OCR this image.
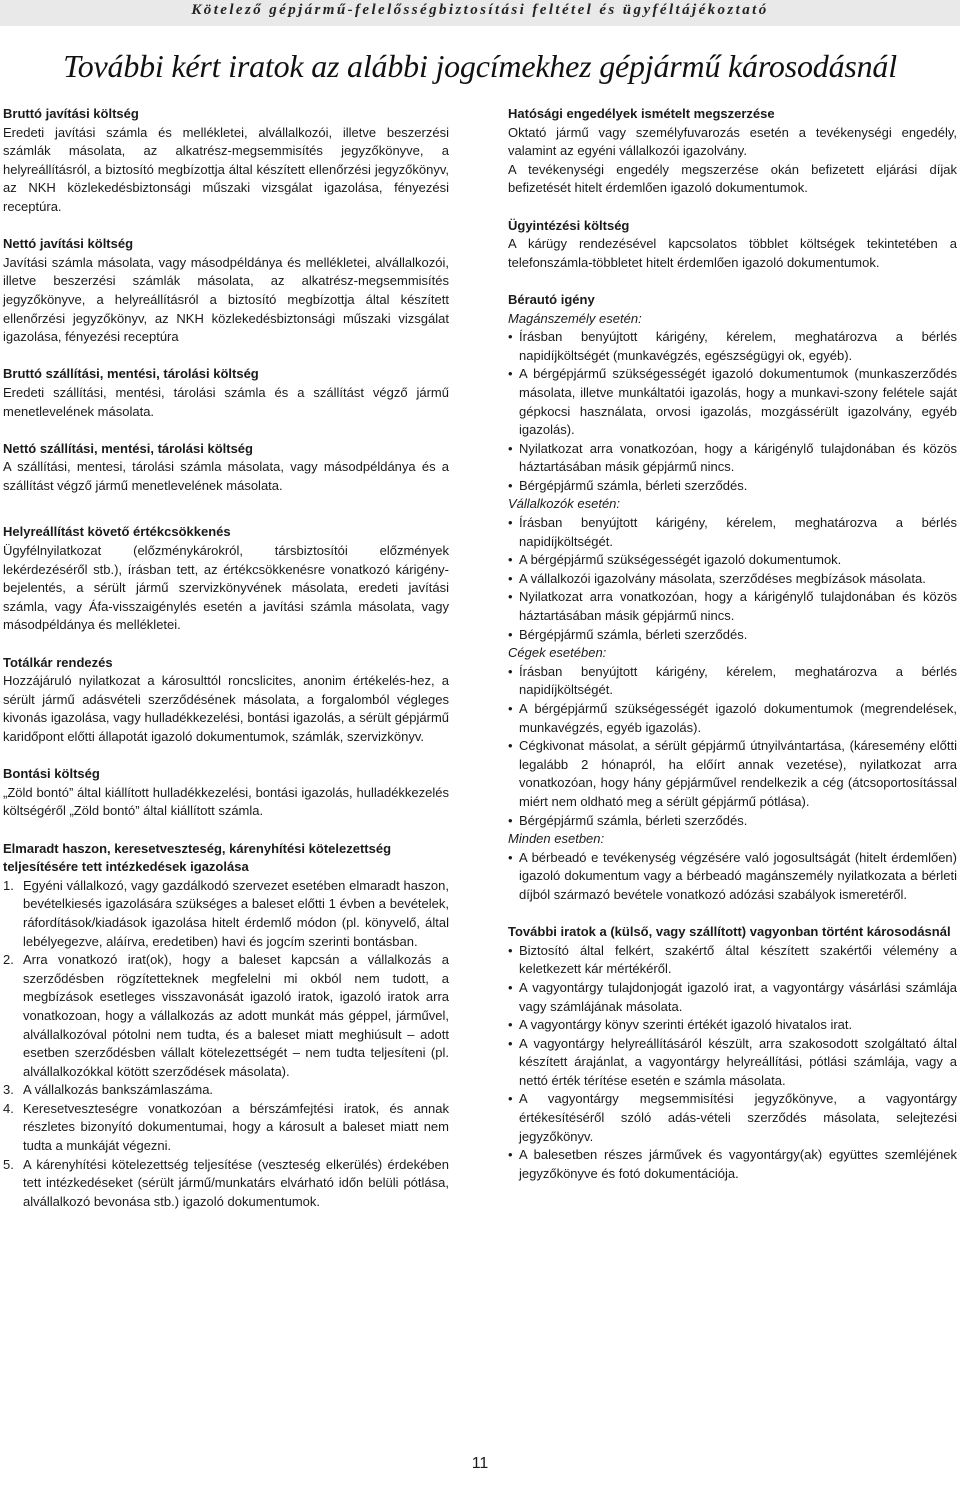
Kötelező gépjármű-felelősségbiztosítási feltétel és ügyféltájékoztató
További kért iratok az alábbi jogcímekhez gépjármű károsodásnál
Bruttó javítási költség

Eredeti javítási számla és mellékletei, alvállalkozói, illetve beszerzési számlák másolata, az alkatrész-megsemmisítés jegyzőkönyve, a helyreállításról, a biztosító megbízottja által készített ellenőrzési jegyzőkönyv, az NKH közlekedésbiztonsági műszaki vizsgálat igazolása, fényezési receptúra.

Nettó javítási költség

Javítási számla másolata, vagy másodpéldánya és mellékletei, alvállalkozói, illetve beszerzési számlák másolata, az alkatrész-megsemmisítés jegyzőkönyve, a helyreállításról a biztosító megbízottja által készített ellenőrzési jegyzőkönyv, az NKH közlekedésbiztonsági műszaki vizsgálat igazolása, fényezési receptúra

Bruttó szállítási, mentési, tárolási költség

Eredeti szállítási, mentési, tárolási számla és a szállítást végző jármű menetlevelének másolata.

Nettó szállítási, mentési, tárolási költség

A szállítási, mentesi, tárolási számla másolata, vagy másodpéldánya és a szállítást végző jármű menetlevelének másolata.

Helyreállítást követő értékcsökkenés

Ügyfélnyilatkozat (előzménykárokról, társbiztosítói előzmények lekérdezéséről stb.), írásban tett, az értékcsökkenésre vonatkozó kárigény-bejelentés, a sérült jármű szervizkönyvének másolata, eredeti javítási számla, vagy Áfa-visszaigénylés esetén a javítási számla másolata, vagy másodpéldánya és mellékletei.

Totálkár rendezés

Hozzájáruló nyilatkozat a károsulttól roncslicites, anonim értékelés-hez, a sérült jármű adásvételi szerződésének másolata, a forgalomból végleges kivonás igazolása, vagy hulladékkezelési, bontási igazolás, a sérült gépjármű karidőpont előtti állapotát igazoló dokumentumok, számlák, szervizkönyv.

Bontási költség

„Zöld bontó” által kiállított hulladékkezelési, bontási igazolás, hulladékkezelés költségéről „Zöld bontó” által kiállított számla.

Elmaradt haszon, keresetveszteség, kárenyhítési kötelezettség teljesítésére tett intézkedések igazolása
1. Egyéni vállalkozó, vagy gazdálkodó szervezet esetében elmaradt haszon, bevételkiesés igazolására szükséges a baleset előtti 1 évben a bevételek, ráfordítások/kiadások igazolása hitelt érdemlő módon (pl. könyvelő, által lebélyegezve, aláírva, eredetiben) havi és jogcím szerinti bontásban.
2. Arra vonatkozó irat(ok), hogy a baleset kapcsán a vállalkozás a szerződésben rögzítetteknek megfelelni mi okból nem tudott, a megbízások esetleges visszavonását igazoló iratok, igazoló iratok arra vonatkozoan, hogy a vállalkozás az adott munkát más géppel, járművel, alvállalkozóval pótolni nem tudta, és a baleset miatt meghiúsult – adott esetben szerződésben vállalt kötelezettségét – nem tudta teljesíteni (pl. alvállalkozókkal kötött szerződések másolata).
3. A vállalkozás bankszámlaszáma.
4. Keresetveszteségre vonatkozóan a bérszámfejtési iratok, és annak részletes bizonyító dokumentumai, hogy a károsult a baleset miatt nem tudta a munkáját végezni.
5. A kárenyhítési kötelezettség teljesítése (veszteség elkerülés) érdekében tett intézkedéseket (sérült jármű/munkatárs elvárható időn belüli pótlása, alvállalkozó bevonása stb.) igazoló dokumentumok.
Hatósági engedélyek ismételt megszerzése

Oktató jármű vagy személyfuvarozás esetén a tevékenységi engedély, valamint az egyéni vállalkozói igazolvány.

A tevékenységi engedély megszerzése okán befizetett eljárási díjak befizetését hitelt érdemlően igazoló dokumentumok.

Ügyintézési költség

A kárügy rendezésével kapcsolatos többlet költségek tekintetében a telefonszámla-többletet hitelt érdemlően igazoló dokumentumok.

Bérautó igény

Magánszemély esetén:

• Írásban benyújtott kárigény, kérelem, meghatározva a bérlés napidíjköltségét (munkavégzés, egészségügyi ok, egyéb).
• A bérgépjármű szükségességét igazoló dokumentumok (munkaszerződés másolata, illetve munkáltatói igazolás, hogy a munkavi-szony felételе saját gépkocsi használata, orvosi igazolás, mozgássérült igazolvány, egyéb igazolás).
• Nyilatkozat arra vonatkozóan, hogy a kárigénylő tulajdonában és közös háztartásában másik gépjármű nincs.
• Bérgépjármű számla, bérleti szerződés.

Vállalkozók esetén:

• Írásban benyújtott kárigény, kérelem, meghatározva a bérlés napidíjköltségét.
• A bérgépjármű szükségességét igazoló dokumentumok.
• A vállalkozói igazolvány másolata, szerződéses megbízások másolata.
• Nyilatkozat arra vonatkozóan, hogy a kárigénylő tulajdonában és közös háztartásában másik gépjármű nincs.
• Bérgépjármű számla, bérleti szerződés.

Cégek esetében:

• Írásban benyújtott kárigény, kérelem, meghatározva a bérlés napidíjköltségét.
• A bérgépjármű szükségességét igazoló dokumentumok (megrendelések, munkavégzés, egyéb igazolás).
• Cégkivonat másolat, a sérült gépjármű útnyilvántartása, (káresemény előtti legalább 2 hónapról, ha előírt annak vezetése), nyilatkozat arra vonatkozóan, hogy hány gépjárművel rendelkezik a cég (átcsoportosítással miért nem oldható meg a sérült gépjármű pótlása).
• Bérgépjármű számla, bérleti szerződés.

Minden esetben:

• A bérbeadó e tevékenység végzésére való jogosultságát (hitelt érdemlően) igazoló dokumentum vagy a bérbeadó magánszemély nyilatkozata a bérleti díjból származó bevétele vonatkozó adózási szabályok ismeretéről.
További iratok a (külső, vagy szállított) vagyonban történt károsodásnál
• Biztosító által felkért, szakértő által készített szakértői vélemény a keletkezett kár mértékéről.
• A vagyontárgy tulajdonjogát igazoló irat, a vagyontárgy vásárlási számlája vagy számlájának másolata.
• A vagyontárgy könyv szerinti értékét igazoló hivatalos irat.
• A vagyontárgy helyreállításáról készült, arra szakosodott szolgáltató által készített árajánlat, a vagyontárgy helyreállítási, pótlási számlája, vagy a nettó érték térítése esetén e számla másolata.
• A vagyontárgy megsemmisítési jegyzőkönyve, a vagyontárgy értékesítéséről szóló adás-vételi szerződés másolata, selejtezési jegyzőkönyv.
• A balesetben részes járművek és vagyontárgy(ak) együttes szemléjének jegyzőkönyve és fotó dokumentációja.
11
